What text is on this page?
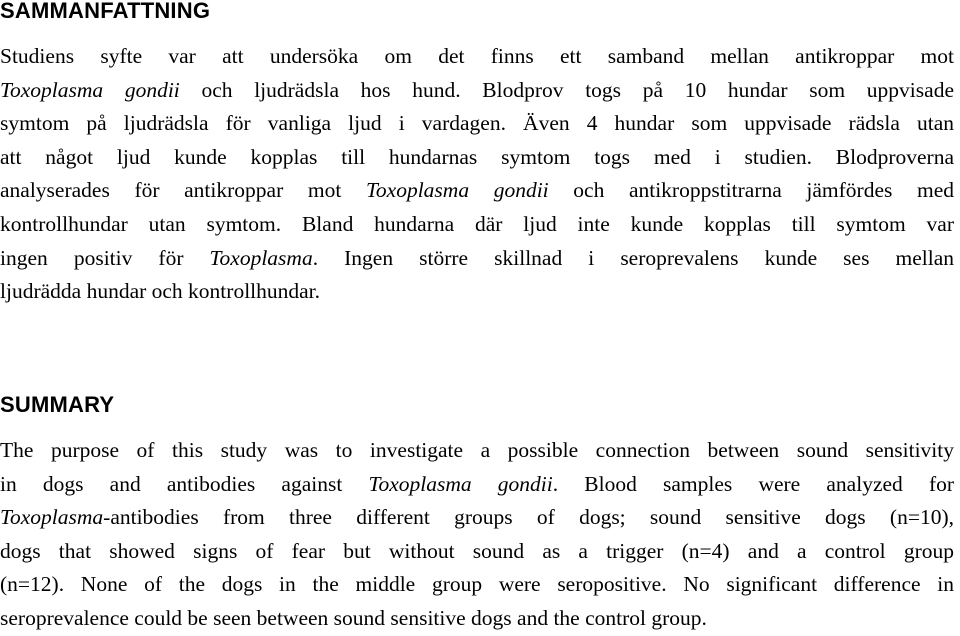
SAMMANFATTNING
Studiens syfte var att undersöka om det finns ett samband mellan antikroppar mot
Toxoplasma gondii och ljudrädsla hos hund. Blodprov togs på 10 hundar som uppvisade
symtom på ljudrädsla för vanliga ljud i vardagen. Även 4 hundar som uppvisade rädsla utan
att något ljud kunde kopplas till hundarnas symtom togs med i studien. Blodproverna
analyserades för antikroppar mot Toxoplasma gondii och antikroppstitrarna jämfördes med
kontrollhundar utan symtom. Bland hundarna där ljud inte kunde kopplas till symtom var
ingen positiv för Toxoplasma. Ingen större skillnad i seroprevalens kunde ses mellan
ljudrädda hundar och kontrollhundar.
SUMMARY
The purpose of this study was to investigate a possible connection between sound sensitivity
in dogs and antibodies against Toxoplasma gondii. Blood samples were analyzed for
Toxoplasma-antibodies from three different groups of dogs; sound sensitive dogs (n=10),
dogs that showed signs of fear but without sound as a trigger (n=4) and a control group
(n=12). None of the dogs in the middle group were seropositive. No significant difference in
seroprevalence could be seen between sound sensitive dogs and the control group.
